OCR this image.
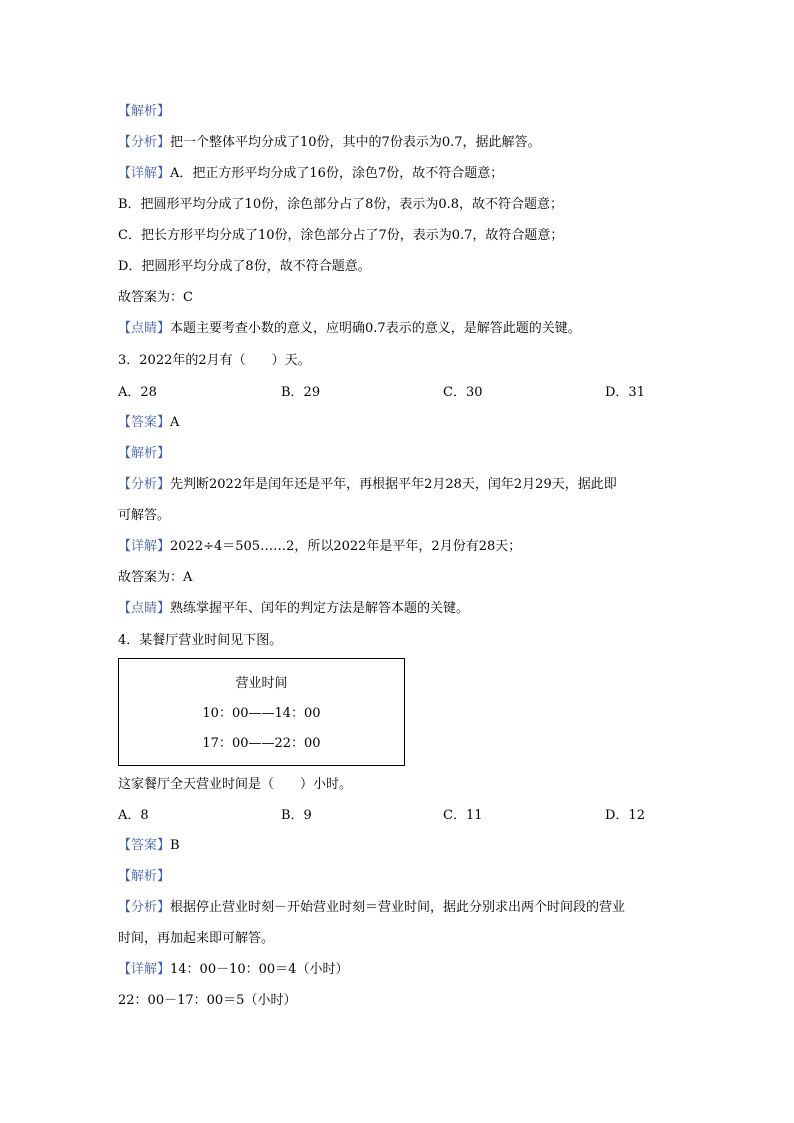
【解析】
【分析】把一个整体平均分成了10份，其中的7份表示为0.7，据此解答。
【详解】A．把正方形平均分成了16份，涂色7份，故不符合题意；
B．把圆形平均分成了10份，涂色部分占了8份，表示为0.8，故不符合题意；
C．把长方形平均分成了10份，涂色部分占了7份，表示为0.7，故符合题意；
D．把圆形平均分成了8份，故不符合题意。
故答案为：C
【点睛】本题主要考查小数的意义，应明确0.7表示的意义，是解答此题的关键。
3．2022年的2月有（　　）天。
A．28	B．29	C．30	D．31
【答案】A
【解析】
【分析】先判断2022年是闰年还是平年，再根据平年2月28天，闰年2月29天，据此即
可解答。
【详解】2022÷4＝505……2，所以2022年是平年，2月份有28天；
故答案为：A
【点睛】熟练掌握平年、闰年的判定方法是解答本题的关键。
4．某餐厅营业时间见下图。
营业时间
10：00——14：00
17：00——22：00
这家餐厅全天营业时间是（　　）小时。
A．8	B．9	C．11	D．12
【答案】B
【解析】
【分析】根据停止营业时刻－开始营业时刻＝营业时间，据此分别求出两个时间段的营业
时间，再加起来即可解答。
【详解】14：00－10：00＝4（小时）
22：00－17：00＝5（小时）
